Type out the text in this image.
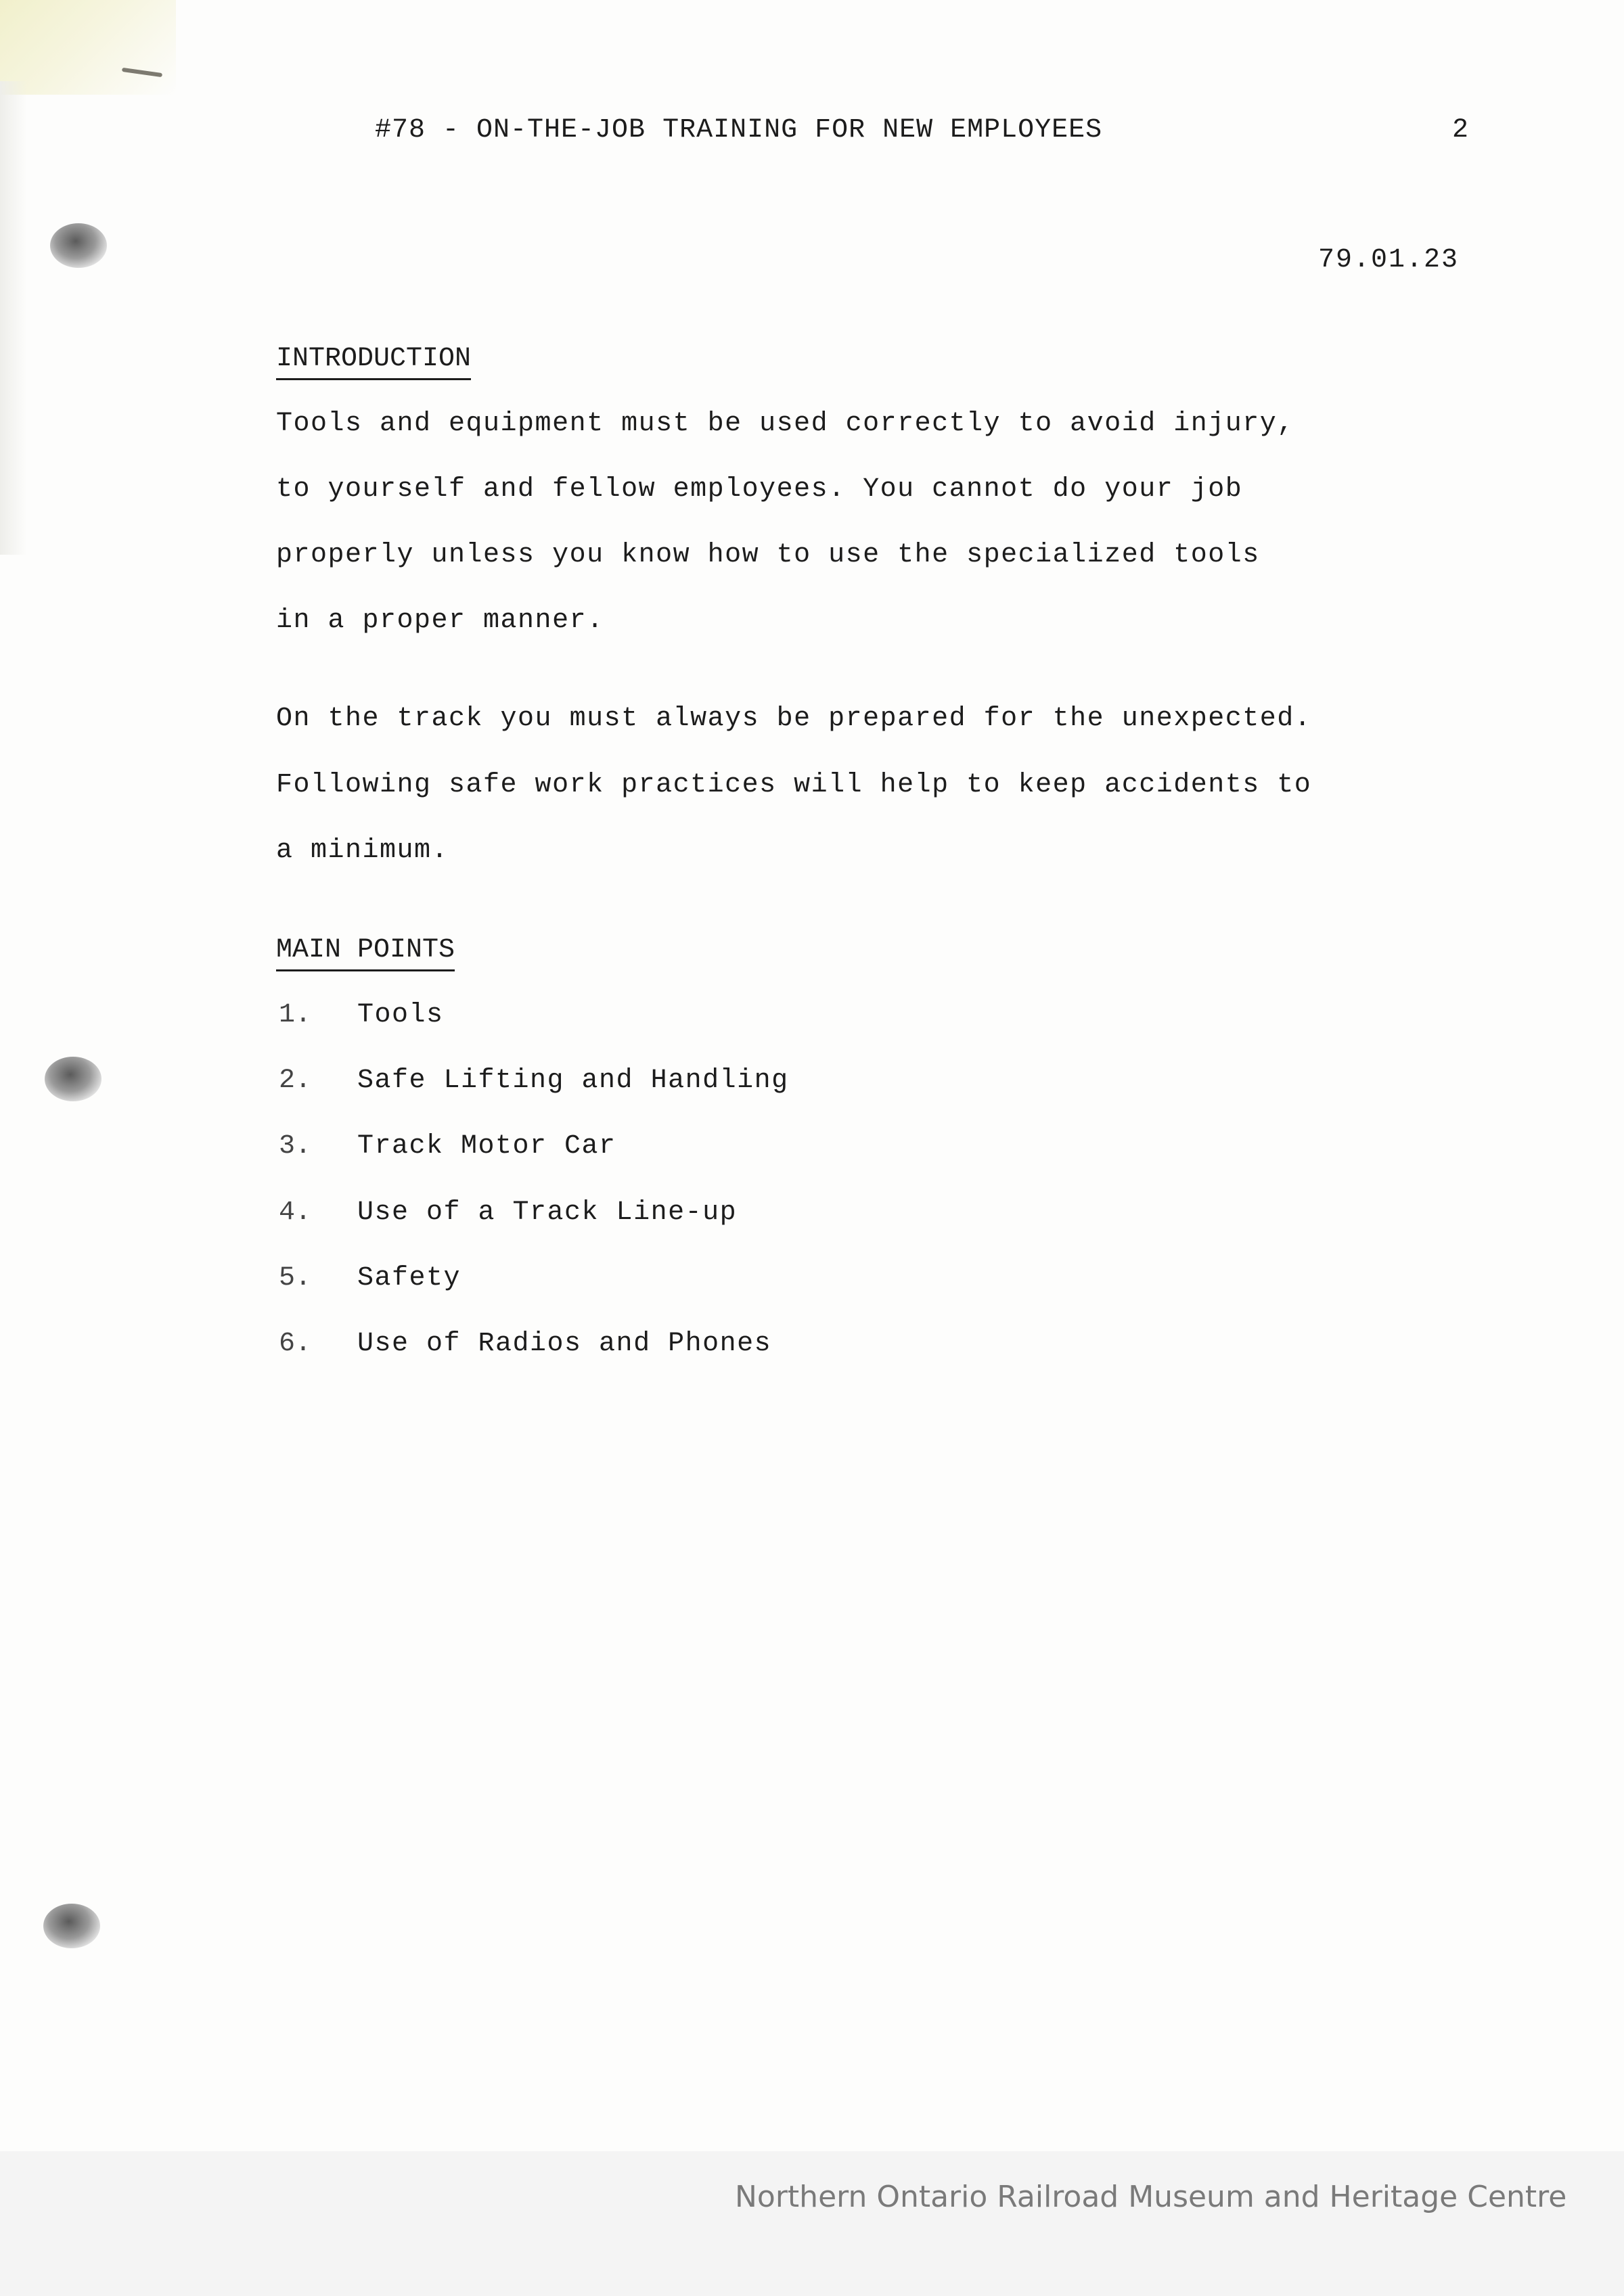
#78 - ON-THE-JOB TRAINING FOR NEW EMPLOYEES	2
79.01.23
INTRODUCTION
Tools and equipment must be used correctly to avoid injury,
to yourself and fellow employees. You cannot do your job
properly unless you know how to use the specialized tools
in a proper manner.
On the track you must always be prepared for the unexpected.
Following safe work practices will help to keep accidents to
a minimum.
MAIN POINTS
1. Tools
2. Safe Lifting and Handling
3. Track Motor Car
4. Use of a Track Line-up
5. Safety
6. Use of Radios and Phones
Northern Ontario Railroad Museum and Heritage Centre
